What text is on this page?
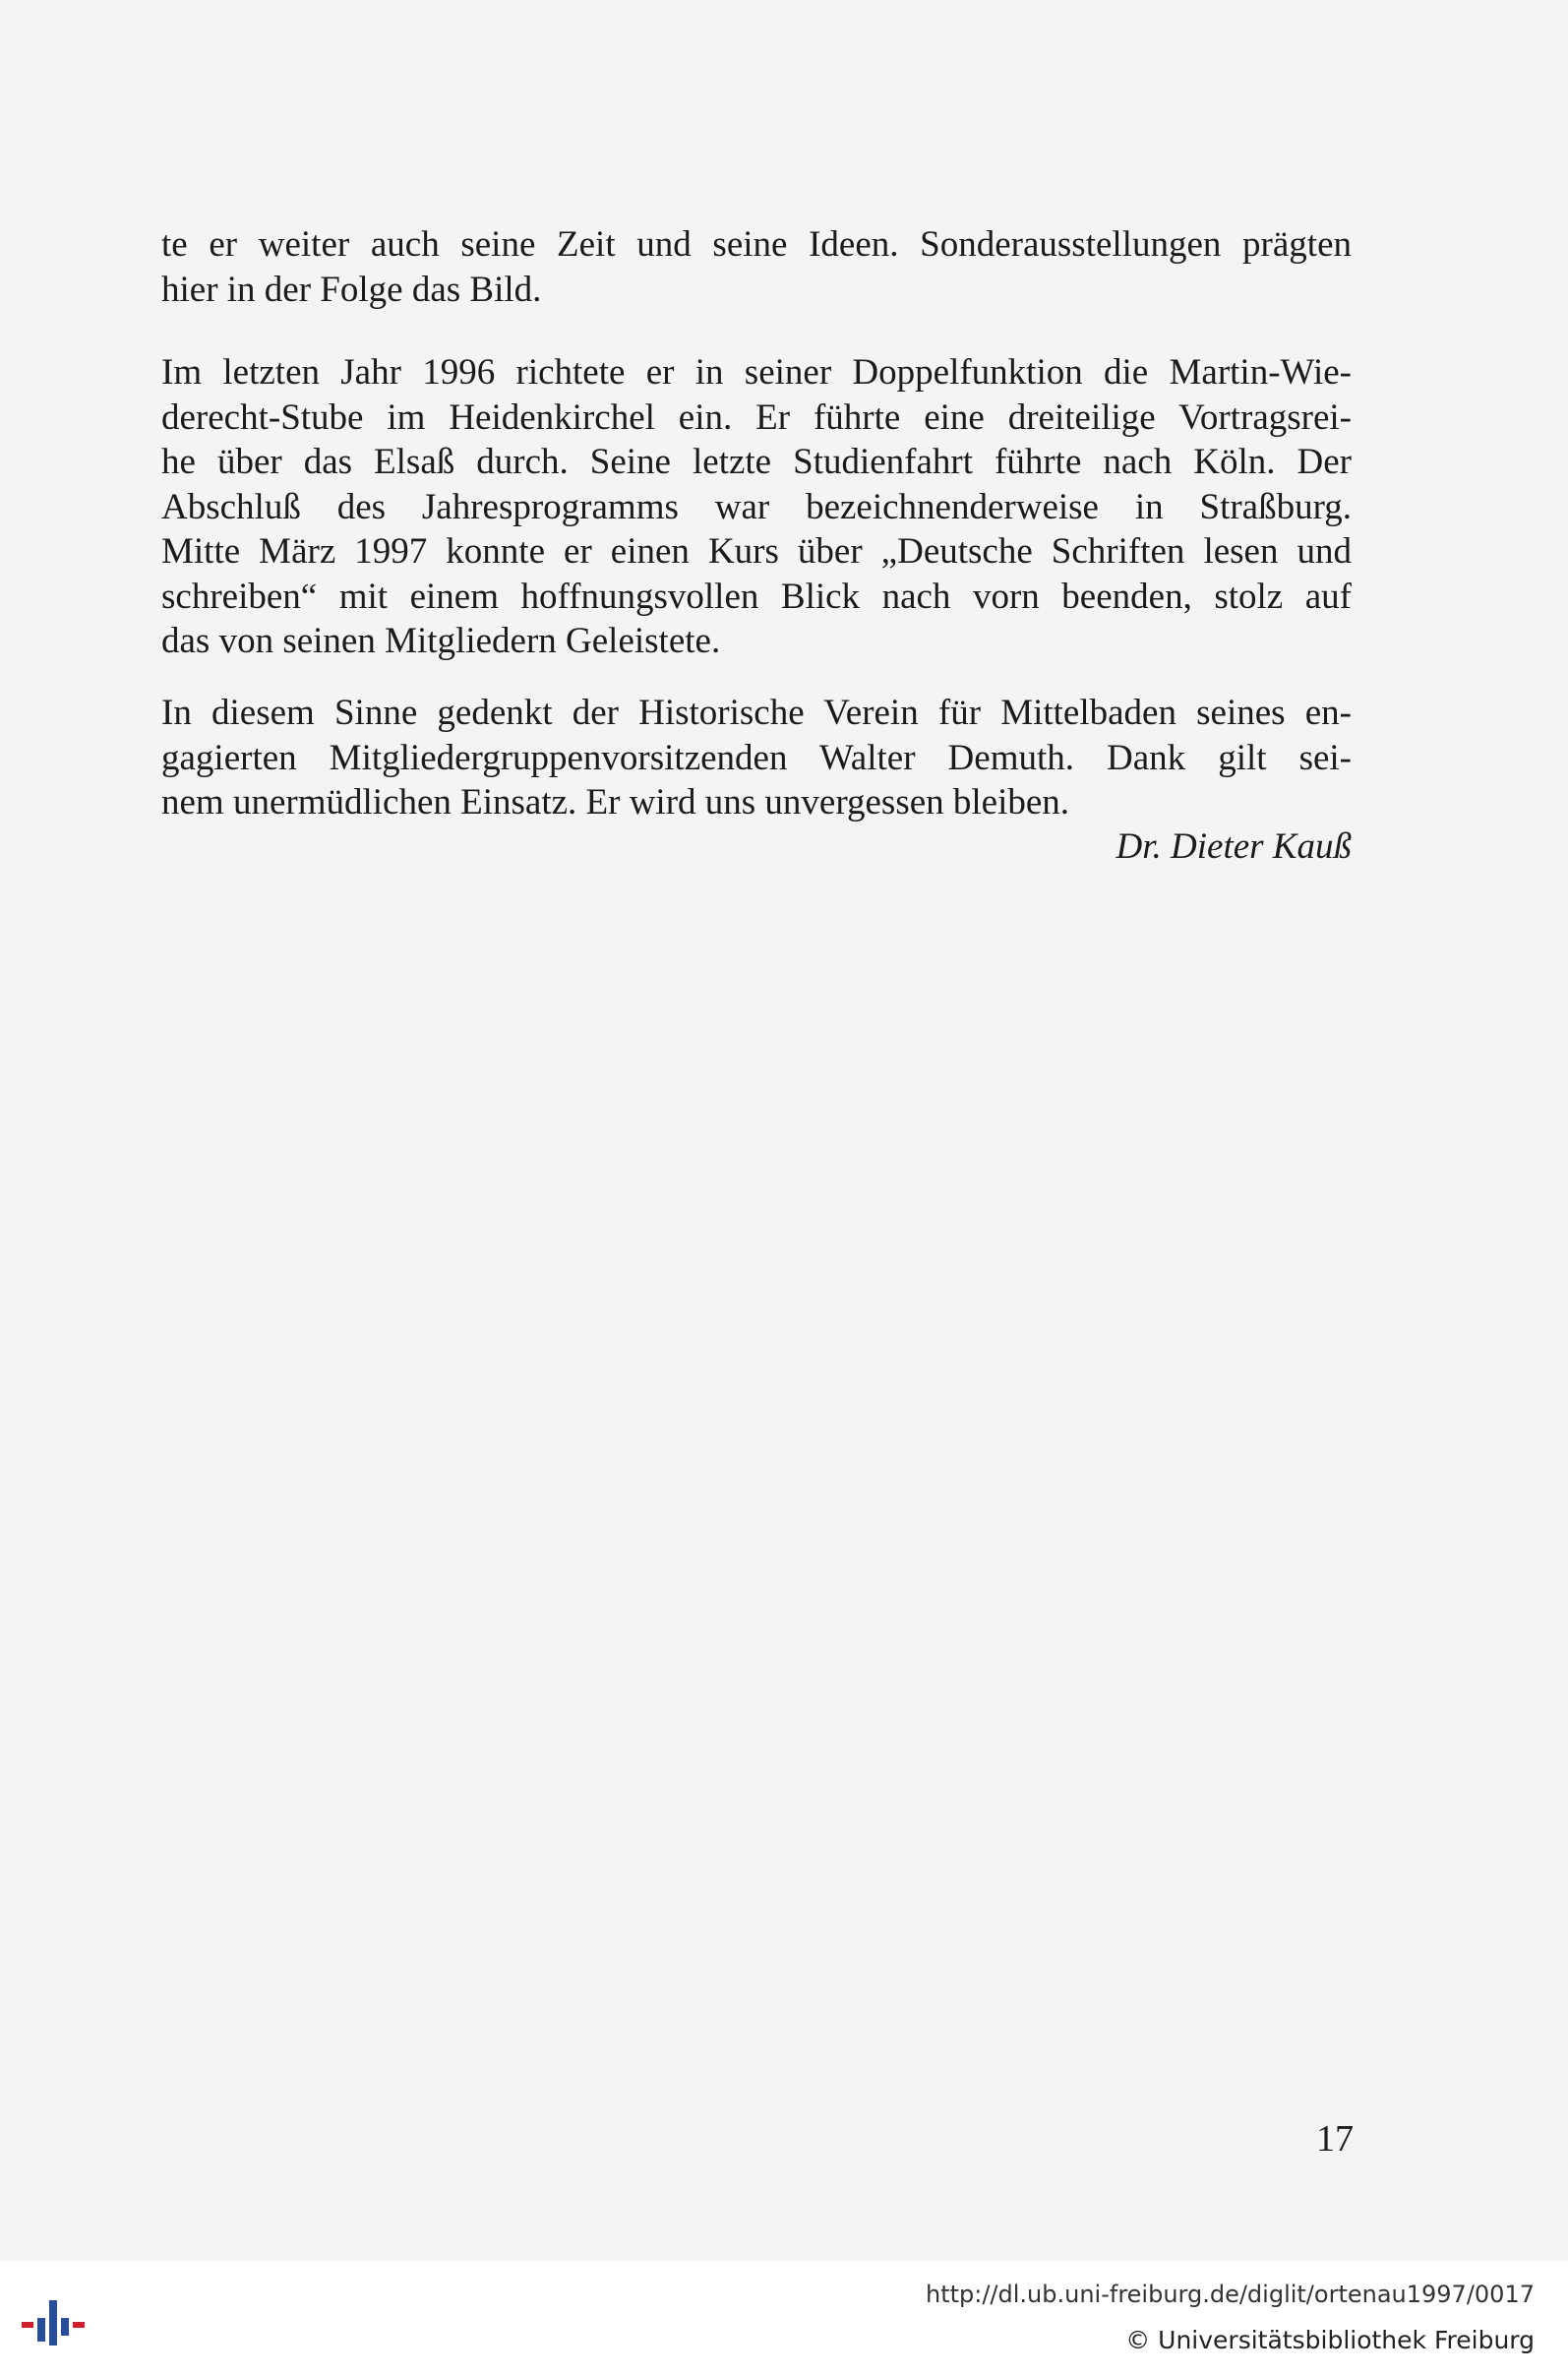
te er weiter auch seine Zeit und seine Ideen. Sonderausstellungen prägten
hier in der Folge das Bild.
Im letzten Jahr 1996 richtete er in seiner Doppelfunktion die Martin-Wie-
derecht-Stube im Heidenkirchel ein. Er führte eine dreiteilige Vortragsrei-
he über das Elsaß durch. Seine letzte Studienfahrt führte nach Köln. Der
Abschluß des Jahresprogramms war bezeichnenderweise in Straßburg.
Mitte März 1997 konnte er einen Kurs über „Deutsche Schriften lesen und
schreiben“ mit einem hoffnungsvollen Blick nach vorn beenden, stolz auf
das von seinen Mitgliedern Geleistete.
In diesem Sinne gedenkt der Historische Verein für Mittelbaden seines en-
gagierten Mitgliedergruppenvorsitzenden Walter Demuth. Dank gilt sei-
nem unermüdlichen Einsatz. Er wird uns unvergessen bleiben.
Dr. Dieter Kauß
17
http://dl.ub.uni-freiburg.de/diglit/ortenau1997/0017
© Universitätsbibliothek Freiburg
